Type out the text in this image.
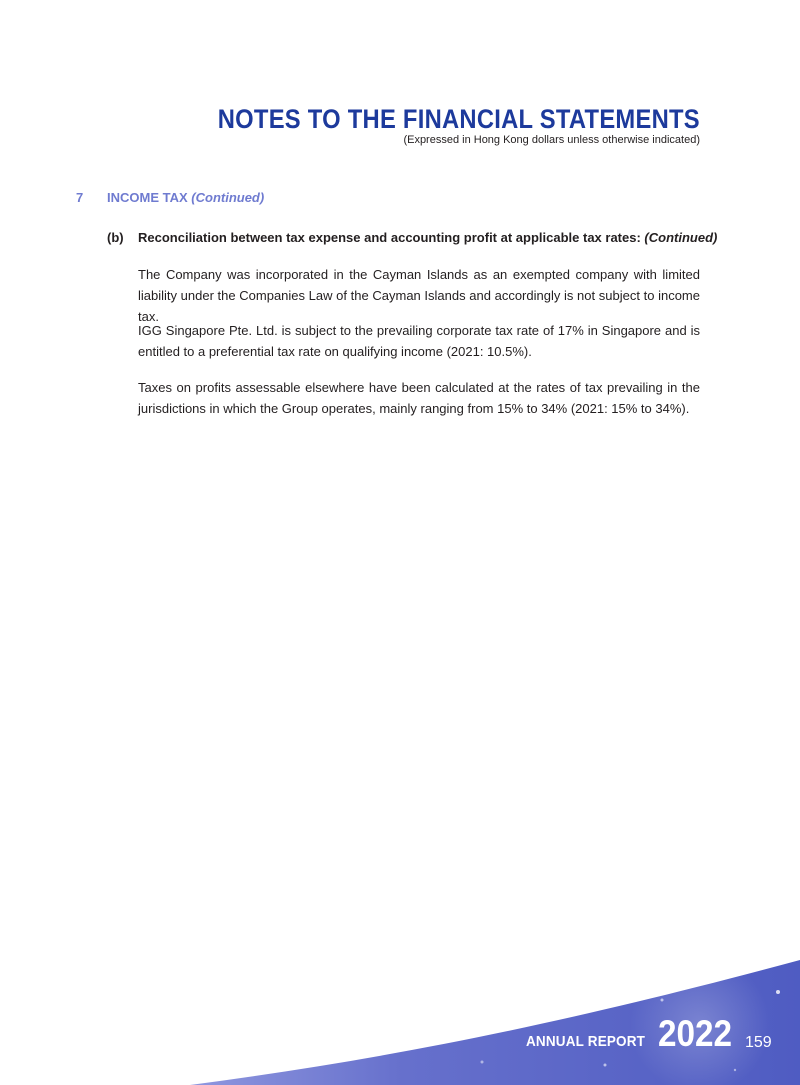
NOTES TO THE FINANCIAL STATEMENTS
(Expressed in Hong Kong dollars unless otherwise indicated)
7 INCOME TAX (Continued)
(b) Reconciliation between tax expense and accounting profit at applicable tax rates: (Continued)

The Company was incorporated in the Cayman Islands as an exempted company with limited liability under the Companies Law of the Cayman Islands and accordingly is not subject to income tax.

IGG Singapore Pte. Ltd. is subject to the prevailing corporate tax rate of 17% in Singapore and is entitled to a preferential tax rate on qualifying income (2021: 10.5%).

Taxes on profits assessable elsewhere have been calculated at the rates of tax prevailing in the jurisdictions in which the Group operates, mainly ranging from 15% to 34% (2021: 15% to 34%).

ANNUAL REPORT 2022 159
